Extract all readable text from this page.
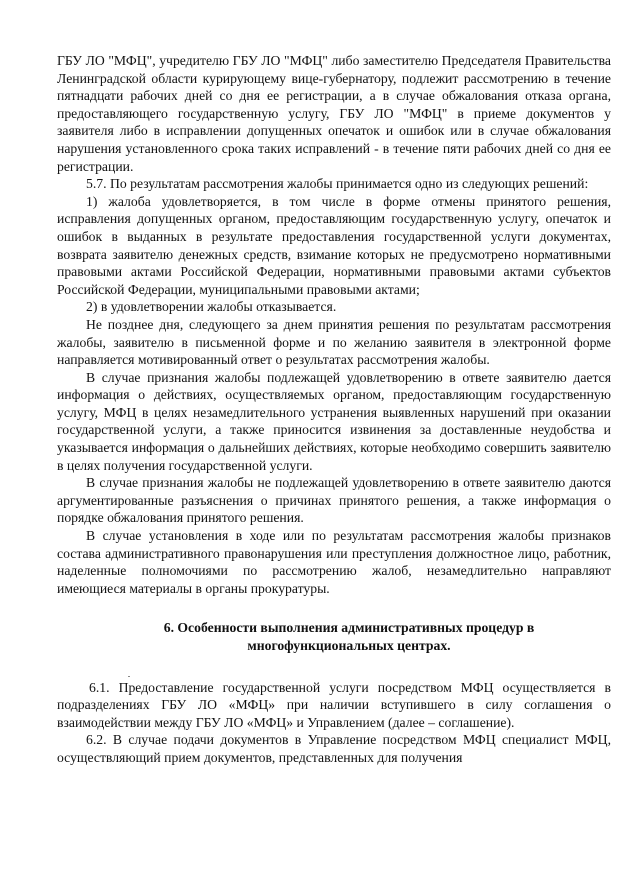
ГБУ ЛО "МФЦ", учредителю ГБУ ЛО "МФЦ" либо заместителю Председателя Правительства Ленинградской области курирующему вице-губернатору, подлежит рассмотрению в течение пятнадцати рабочих дней со дня ее регистрации, а в случае обжалования отказа органа, предоставляющего государственную услугу, ГБУ ЛО "МФЦ" в приеме документов у заявителя либо в исправлении допущенных опечаток и ошибок или в случае обжалования нарушения установленного срока таких исправлений - в течение пяти рабочих дней со дня ее регистрации.

5.7. По результатам рассмотрения жалобы принимается одно из следующих решений:

1) жалоба удовлетворяется, в том числе в форме отмены принятого решения, исправления допущенных органом, предоставляющим государственную услугу, опечаток и ошибок в выданных в результате предоставления государственной услуги документах, возврата заявителю денежных средств, взимание которых не предусмотрено нормативными правовыми актами Российской Федерации, нормативными правовыми актами субъектов Российской Федерации, муниципальными правовыми актами;

2) в удовлетворении жалобы отказывается.

Не позднее дня, следующего за днем принятия решения по результатам рассмотрения жалобы, заявителю в письменной форме и по желанию заявителя в электронной форме направляется мотивированный ответ о результатах рассмотрения жалобы.

В случае признания жалобы подлежащей удовлетворению в ответе заявителю дается информация о действиях, осуществляемых органом, предоставляющим государственную услугу, МФЦ в целях незамедлительного устранения выявленных нарушений при оказании государственной услуги, а также приносится извинения за доставленные неудобства и указывается информация о дальнейших действиях, которые необходимо совершить заявителю в целях получения государственной услуги.

В случае признания жалобы не подлежащей удовлетворению в ответе заявителю даются аргументированные разъяснения о причинах принятого решения, а также информация о порядке обжалования принятого решения.

В случае установления в ходе или по результатам рассмотрения жалобы признаков состава административного правонарушения или преступления должностное лицо, работник, наделенные полномочиями по рассмотрению жалоб, незамедлительно направляют имеющиеся материалы в органы прокуратуры.

6. Особенности выполнения административных процедур в
многофункциональных центрах.

6.1. Предоставление государственной услуги посредством МФЦ осуществляется в подразделениях ГБУ ЛО «МФЦ» при наличии вступившего в силу соглашения о взаимодействии между ГБУ ЛО «МФЦ» и Управлением (далее – соглашение).

6.2. В случае подачи документов в Управление посредством МФЦ специалист МФЦ, осуществляющий прием документов, представленных для получения
